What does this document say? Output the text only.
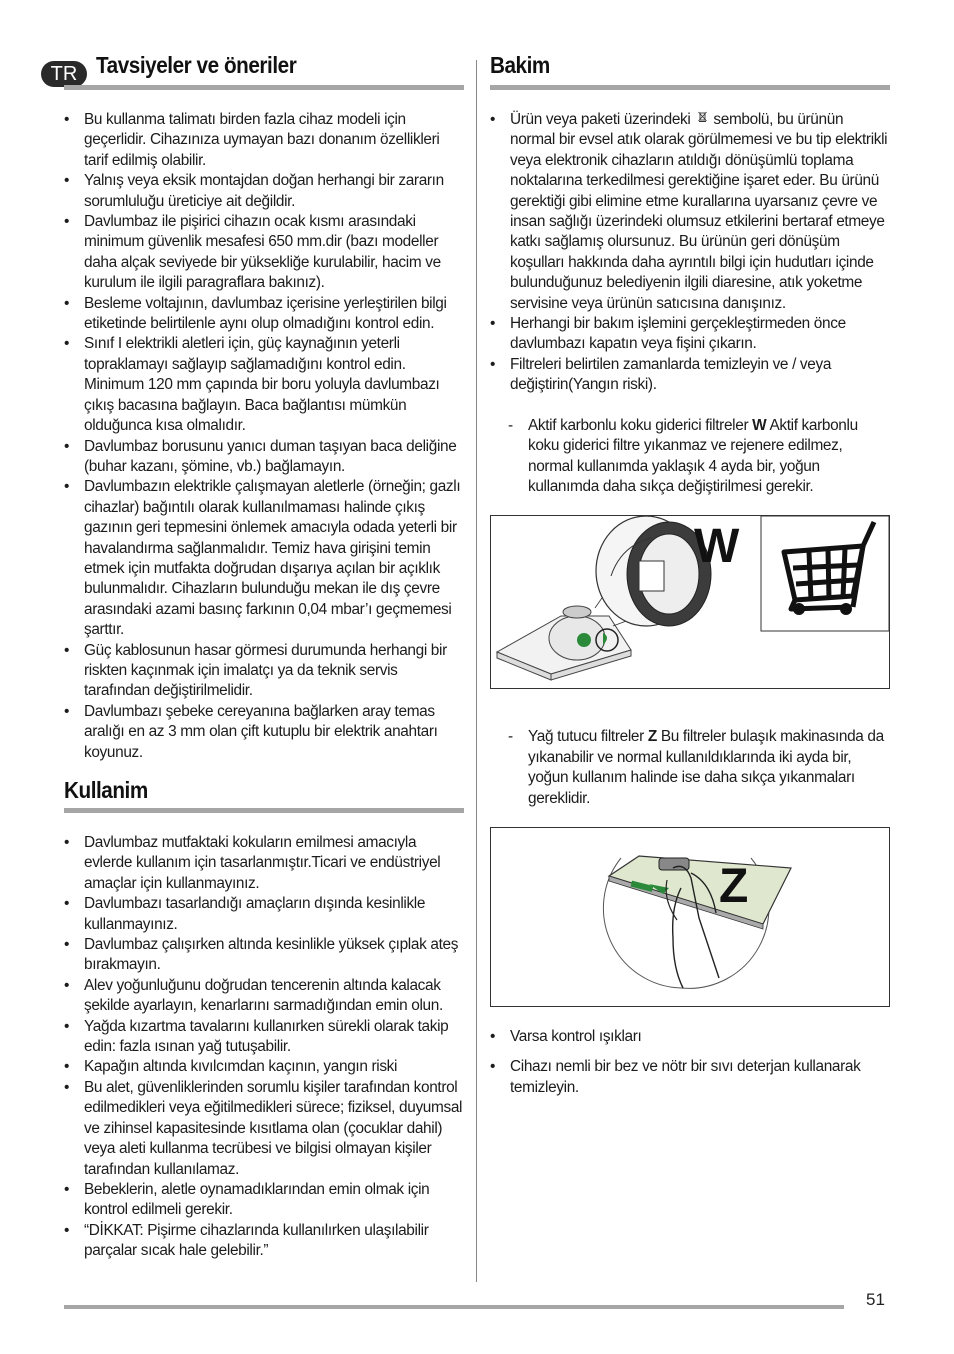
TR Tavsiyeler ve öneriler
• Bu kullanma talimatı birden fazla cihaz modeli için geçerlidir. Cihazınıza uymayan bazı donanım özellikleri tarif edilmiş olabilir.
• Yalnış veya eksik montajdan doğan herhangi bir zararın sorumluluğu üreticiye ait değildir.
• Davlumbaz ile pişirici cihazın ocak kısmı arasındaki minimum güvenlik mesafesi 650 mm.dir (bazı modeller daha alçak seviyede bir yüksekliğe kurulabilir, hacim ve kurulum ile ilgili paragraflara bakınız).
• Besleme voltajının, davlumbaz içerisine yerleştirilen bilgi etiketinde belirtilenle aynı olup olmadığını kontrol edin.
• Sınıf I elektrikli aletleri için, güç kaynağının yeterli topraklamayı sağlayıp sağlamadığını kontrol edin. Minimum 120 mm çapında bir boru yoluyla davlumbazı çıkış bacasına bağlayın. Baca bağlantısı mümkün olduğunca kısa olmalıdır.
• Davlumbaz borusunu yanıcı duman taşıyan baca deliğine (buhar kazanı, şömine, vb.) bağlamayın.
• Davlumbazın elektrikle çalışmayan aletlerle (örneğin; gazlı cihazlar) bağıntılı olarak kullanılmaması halinde çıkış gazının geri tepmesini önlemek amacıyla odada yeterli bir havalandırma sağlanmalıdır. Temiz hava girişini temin etmek için mutfakta doğrudan dışarıya açılan bir açıklık bulunmalıdır. Cihazların bulunduğu mekan ile dış çevre arasındaki azami basınç farkının 0,04 mbar’ı geçmemesi şarttır.
• Güç kablosunun hasar görmesi durumunda herhangi bir riskten kaçınmak için imalatçı ya da teknik servis tarafından değiştirilmelidir.
• Davlumbazı şebeke cereyanına bağlarken aray temas aralığı en az 3 mm olan çift kutuplu bir elektrik anahtarı koyunuz.
Kullanim
• Davlumbaz mutfaktaki kokuların emilmesi amacıyla evlerde kullanım için tasarlanmıştır.Ticari ve endüstriyel amaçlar için kullanmayınız.
• Davlumbazı tasarlandığı amaçların dışında kesinlikle kullanmayınız.
• Davlumbaz çalışırken altında kesinlikle yüksek çıplak ateş bırakmayın.
• Alev yoğunluğunu doğrudan tencerenin altında kalacak şekilde ayarlayın, kenarlarını sarmadığından emin olun.
• Yağda kızartma tavalarını kullanırken sürekli olarak takip edin: fazla ısınan yağ tutuşabilir.
• Kapağın altında kıvılcımdan kaçının, yangın riski
• Bu alet, güvenliklerinden sorumlu kişiler tarafından kontrol edilmedikleri veya eğitilmedikleri sürece; fiziksel, duyumsal ve zihinsel kapasitesinde kısıtlama olan (çocuklar dahil) veya aleti kullanma tecrübesi ve bilgisi olmayan kişiler tarafından kullanılamaz.
• Bebeklerin, aletle oynamadıklarından emin olmak için kontrol edilmeli gerekir.
• “DİKKAT: Pişirme cihazlarında kullanılırken ulaşılabilir parçalar sıcak hale gelebilir.”
Bakim
• Ürün veya paketi üzerindeki sembolü, bu ürünün normal bir evsel atık olarak görülmemesi ve bu tip elektrikli veya elektronik cihazların atıldığı dönüşümlü toplama noktalarına terkedilmesi gerektiğine işaret eder. Bu ürünü gerektiği gibi elimine etme kurallarına uyarsanız çevre ve insan sağlığı üzerindeki olumsuz etkilerini bertaraf etmeye katkı sağlamış olursunuz. Bu ürünün geri dönüşüm koşulları hakkında daha ayrıntılı bilgi için hudutları içinde bulunduğunuz belediyenin ilgili diaresine, atık yoketme servisine veya ürünün satıcısına danışınız.
• Herhangi bir bakım işlemini gerçekleştirmeden önce davlumbazı kapatın veya fişini çıkarın.
• Filtreleri belirtilen zamanlarda temizleyin ve / veya değiştirin(Yangın riski).
- Aktif karbonlu koku giderici filtreler W Aktif karbonlu koku giderici filtre yıkanmaz ve rejenere edilmez, normal kullanımda yaklaşık 4 ayda bir, yoğun kullanımda daha sıkça değiştirilmesi gerekir.
W
- Yağ tutucu filtreler Z Bu filtreler bulaşık makinasında da yıkanabilir ve normal kullanıldıklarında iki ayda bir, yoğun kullanım halinde ise daha sıkça yıkanmaları gereklidir.
Z
• Varsa kontrol ışıkları
• Cihazı nemli bir bez ve nötr bir sıvı deterjan kullanarak temizleyin.
51
